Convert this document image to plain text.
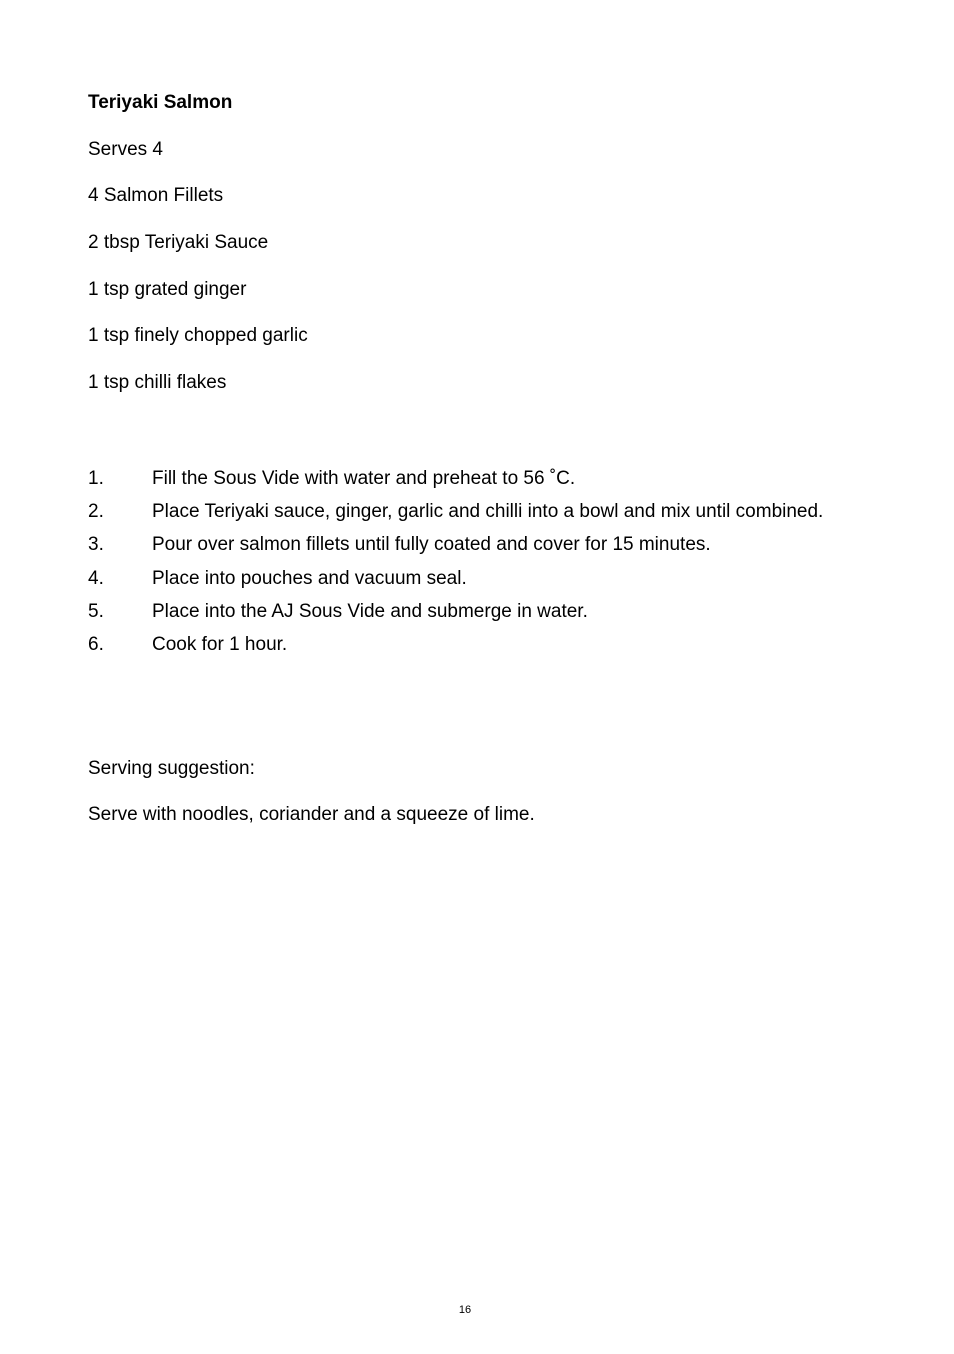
Teriyaki Salmon

Serves 4

4 Salmon Fillets

2 tbsp Teriyaki Sauce

1 tsp grated ginger

1 tsp finely chopped garlic

1 tsp chilli flakes

1.	Fill the Sous Vide with water and preheat to 56 ˚C.
2.	Place Teriyaki sauce, ginger, garlic and chilli into a bowl and mix until combined.
3.	Pour over salmon fillets until fully coated and cover for 15 minutes.
4.	Place into pouches and vacuum seal.
5.	Place into the AJ Sous Vide and submerge in water.
6.	Cook for 1 hour.

Serving suggestion:

Serve with noodles, coriander and a squeeze of lime.

16
